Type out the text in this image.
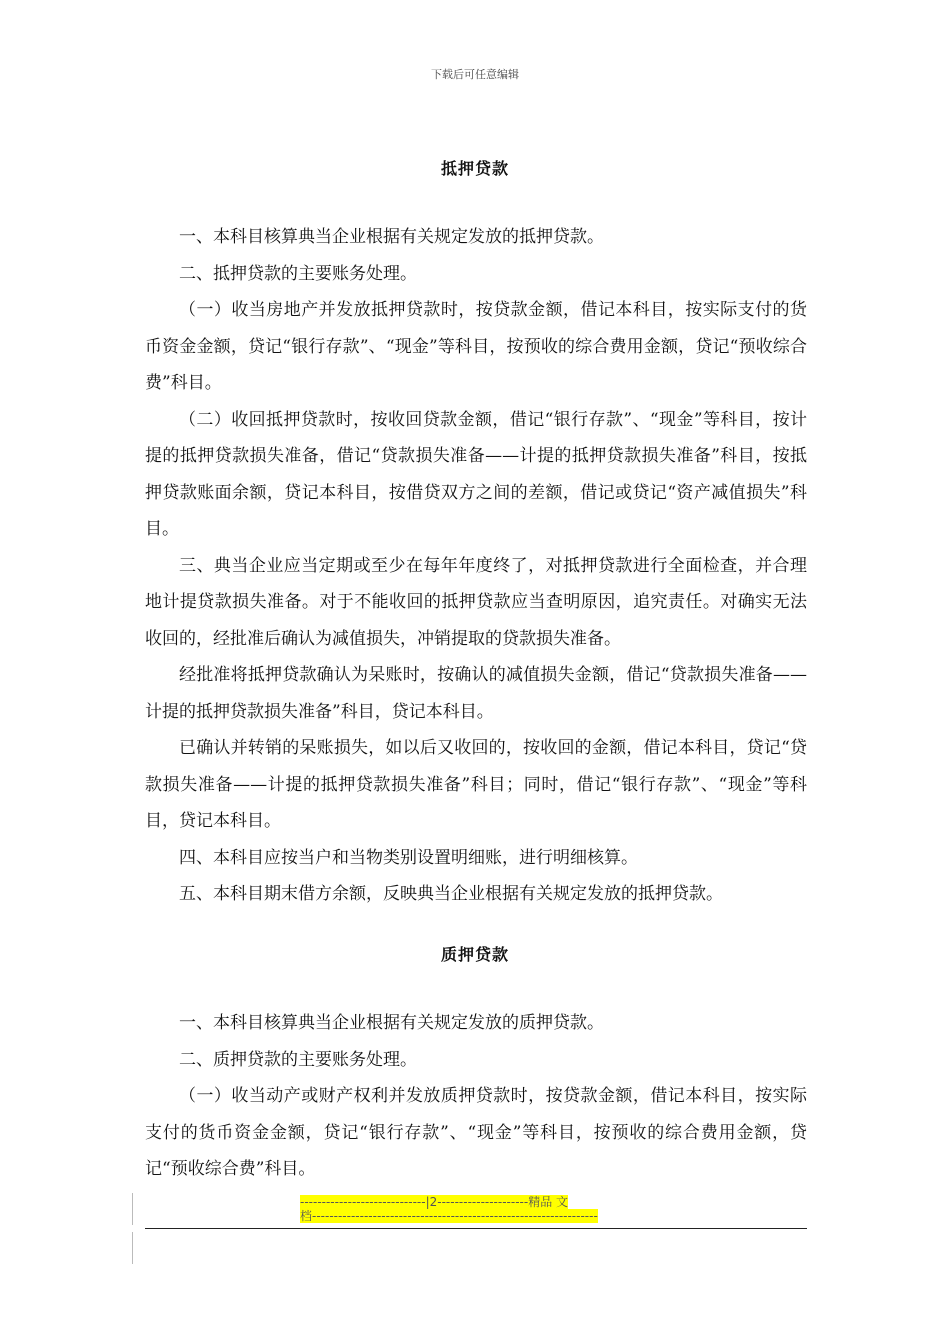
下载后可任意编辑
抵押贷款

一、本科目核算典当企业根据有关规定发放的抵押贷款。

二、抵押贷款的主要账务处理。

（一）收当房地产并发放抵押贷款时，按贷款金额，借记本科目，按实际支付的货币资金金额，贷记“银行存款”、“现金”等科目，按预收的综合费用金额，贷记“预收综合费”科目。

（二）收回抵押贷款时，按收回贷款金额，借记“银行存款”、“现金”等科目，按计提的抵押贷款损失准备，借记“贷款损失准备——计提的抵押贷款损失准备”科目，按抵押贷款账面余额，贷记本科目，按借贷双方之间的差额，借记或贷记“资产减值损失”科目。

三、典当企业应当定期或至少在每年年度终了，对抵押贷款进行全面检查，并合理地计提贷款损失准备。对于不能收回的抵押贷款应当查明原因，追究责任。对确实无法收回的，经批准后确认为减值损失，冲销提取的贷款损失准备。

经批准将抵押贷款确认为呆账时，按确认的减值损失金额，借记“贷款损失准备——计提的抵押贷款损失准备”科目，贷记本科目。

已确认并转销的呆账损失，如以后又收回的，按收回的金额，借记本科目，贷记“贷款损失准备——计提的抵押贷款损失准备”科目；同时，借记“银行存款”、“现金”等科目，贷记本科目。

四、本科目应按当户和当物类别设置明细账，进行明细核算。

五、本科目期末借方余额，反映典当企业根据有关规定发放的抵押贷款。

质押贷款

一、本科目核算典当企业根据有关规定发放的质押贷款。

二、质押贷款的主要账务处理。

（一）收当动产或财产权利并发放质押贷款时，按贷款金额，借记本科目，按实际支付的货币资金金额，贷记“银行存款”、“现金”等科目，按预收的综合费用金额，贷记“预收综合费”科目。

-----------------------------|2---------------------精品 文
档------------------------------------------------------------------
